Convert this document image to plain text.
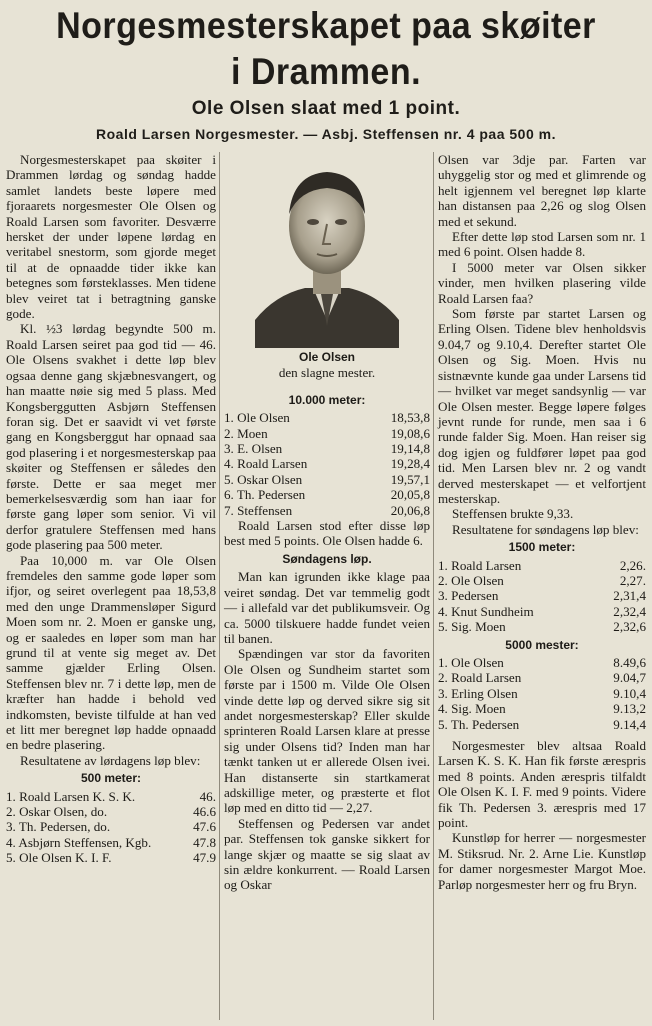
Norgesmesterskapet paa skøiter
i Drammen.
Ole Olsen slaat med 1 point.
Roald Larsen Norgesmester. — Asbj. Steffensen nr. 4 paa 500 m.

Norgesmesterskapet paa skøiter i Drammen lørdag og søndag hadde samlet landets beste løpere med fjoraarets norgesmester Ole Olsen og Roald Larsen som favoriter. Desværre hersket der under løpene lørdag en veritabel snestorm, som gjorde meget til at de opnaadde tider ikke kan betegnes som førsteklasses. Men tidene blev veiret tat i betragtning ganske gode.

Kl. ½3 lørdag begyndte 500 m. Roald Larsen seiret paa god tid — 46. Ole Olsens svakhet i dette løp blev ogsaa denne gang skjæbnesvangert, og han maatte nøie sig med 5 plass. Med Kongsberggutten Asbjørn Steffensen foran sig. Det er saavidt vi vet første gang en Kongsberggut har opnaad saa god plasering i et norgesmesterskap paa skøiter og Steffensen er således den første. Dette er saa meget mer bemerkelsesværdig som han iaar for første gang løper som senior. Vi vil derfor gratulere Steffensen med hans gode plasering paa 500 meter.

Paa 10,000 m. var Ole Olsen fremdeles den samme gode løper som ifjor, og seiret overlegent paa 18,53,8 med den unge Drammensløper Sigurd Moen som nr. 2. Moen er ganske ung, og er saaledes en løper som man har grund til at vente sig meget av. Det samme gjælder Erling Olsen. Steffensen blev nr. 7 i dette løp, men de kræfter han hadde i behold ved indkomsten, beviste tilfulde at han ved et litt mer beregnet løp hadde opnaadd en bedre plasering.

Resultatene av lørdagens løp blev:

500 meter:
1. Roald Larsen K. S. K.	46.
2. Oskar Olsen, do.	46.6
3. Th. Pedersen, do.	47.6
4. Asbjørn Steffensen, Kgb.	47.8
5. Ole Olsen K. I. F.	47.9
Ole Olsen
den slagne mester.
10.000 meter:
1. Ole Olsen	18,53,8
2. Moen	19,08,6
3. E. Olsen	19,14,8
4. Roald Larsen	19,28,4
5. Oskar Olsen	19,57,1
6. Th. Pedersen	20,05,8
7. Steffensen	20,06,8

Roald Larsen stod efter disse løp best med 5 points. Ole Olsen hadde 6.

Søndagens løp.

Man kan igrunden ikke klage paa veiret søndag. Det var temmelig godt — i allefald var det publikumsveir. Og ca. 5000 tilskuere hadde fundet veien til banen.

Spændingen var stor da favoriten Ole Olsen og Sundheim startet som første par i 1500 m. Vilde Ole Olsen vinde dette løp og derved sikre sig sit andet norgesmesterskap? Eller skulde sprinteren Roald Larsen klare at presse sig under Olsens tid? Inden man har tænkt tanken ut er allerede Olsen ivei. Han distanserte sin startkamerat adskillige meter, og præsterte et flot løp med en ditto tid — 2,27.

Steffensen og Pedersen var andet par. Steffensen tok ganske sikkert for lange skjær og maatte se sig slaat av sin ældre konkurrent. — Roald Larsen og Oskar

Olsen var 3dje par. Farten var uhyggelig stor og med et glimrende og helt igjennem vel beregnet løp klarte han distansen paa 2,26 og slog Olsen med et sekund.

Efter dette løp stod Larsen som nr. 1 med 6 point. Olsen hadde 8.

I 5000 meter var Olsen sikker vinder, men hvilken plasering vilde Roald Larsen faa?

Som første par startet Larsen og Erling Olsen. Tidene blev henholdsvis 9.04,7 og 9.10,4. Derefter startet Ole Olsen og Sig. Moen. Hvis nu sistnævnte kunde gaa under Larsens tid — hvilket var meget sandsynlig — var Ole Olsen mester. Begge løpere følges jevnt runde for runde, men saa i 6 runde falder Sig. Moen. Han reiser sig dog igjen og fuldfører løpet paa god tid. Men Larsen blev nr. 2 og vandt derved mesterskapet — et velfortjent mesterskap.

Steffensen brukte 9,33.

Resultatene for søndagens løp blev:

1500 meter:
1. Roald Larsen	2,26.
2. Ole Olsen	2,27.
3. Pedersen	2,31,4
4. Knut Sundheim	2,32,4
5. Sig. Moen	2,32,6
5000 mester:
1. Ole Olsen	8.49,6
2. Roald Larsen	9.04,7
3. Erling Olsen	9.10,4
4. Sig. Moen	9.13,2
5. Th. Pedersen	9.14,4

Norgesmester blev altsaa Roald Larsen K. S. K. Han fik første ærespris med 8 points. Anden ærespris tilfaldt Ole Olsen K. I. F. med 9 points. Videre fik Th. Pedersen 3. ærespris med 17 point.

Kunstløp for herrer — norgesmester M. Stiksrud. Nr. 2. Arne Lie. Kunstløp for damer norgesmester Margot Moe. Parløp norgesmester herr og fru Bryn.
